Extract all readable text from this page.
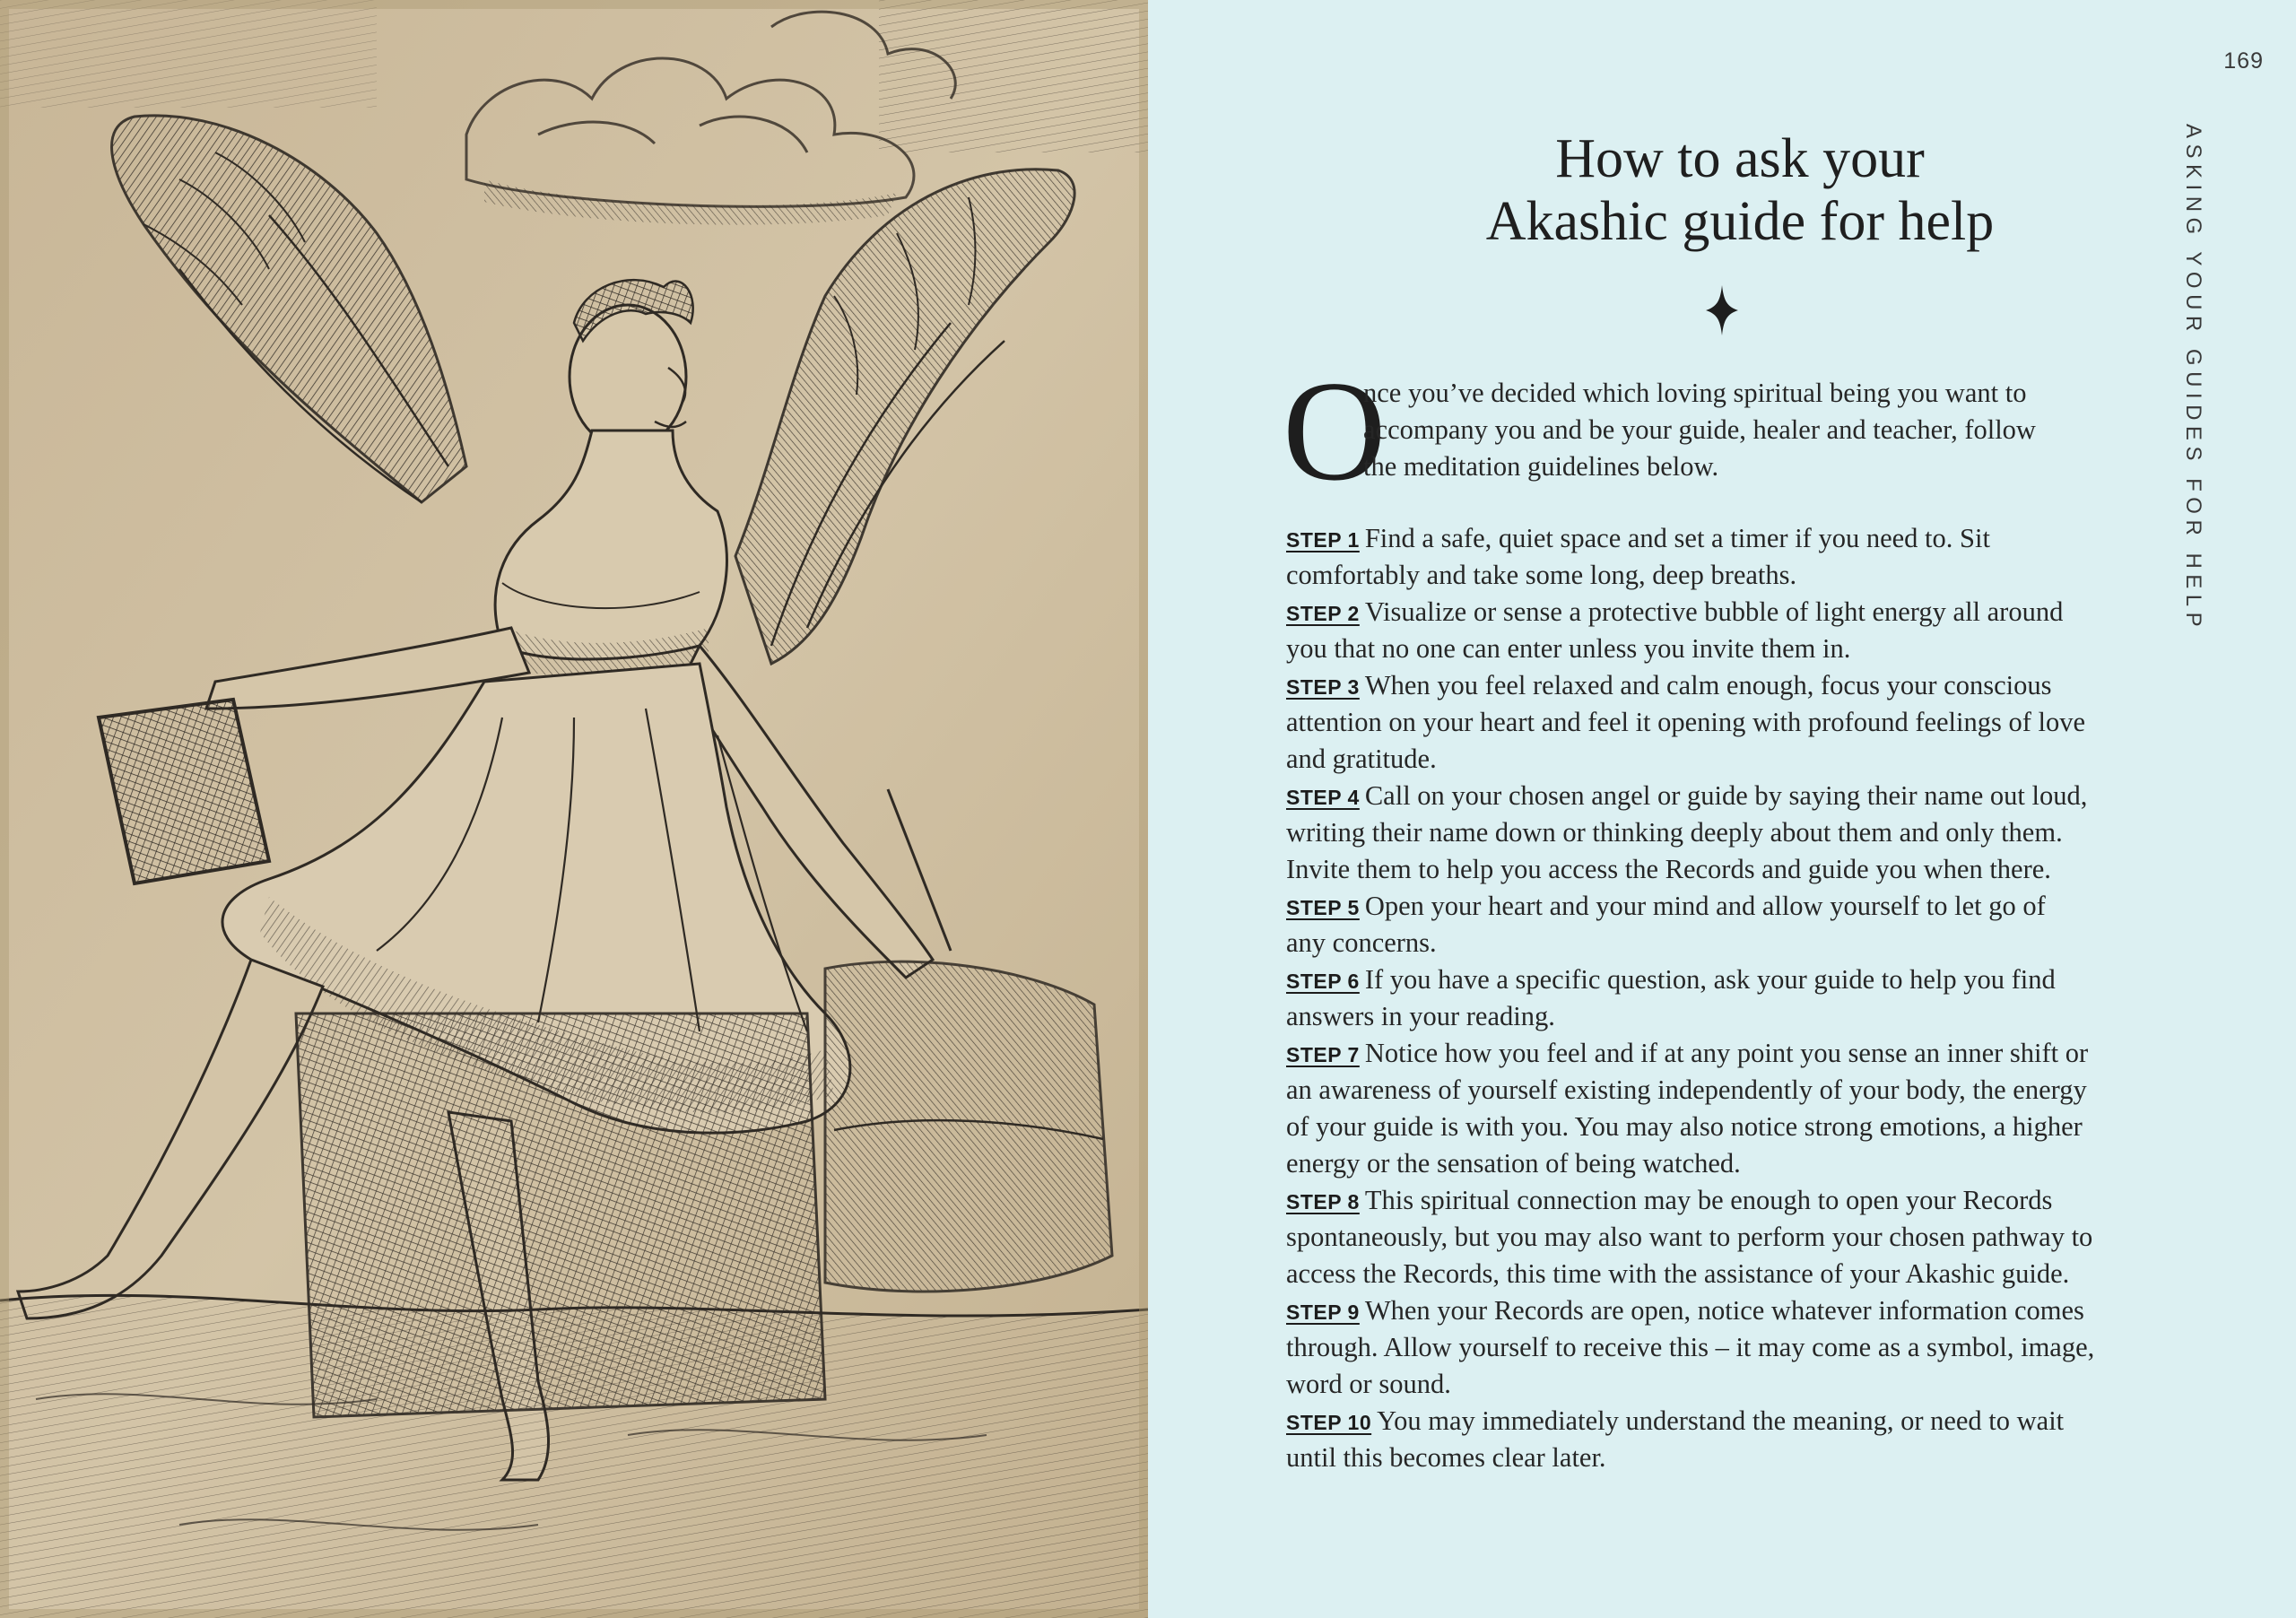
169
ASKING YOUR GUIDES FOR HELP
How to ask your
Akashic guide for help
O
nce you’ve decided which loving spiritual being you want to
accompany you and be your guide, healer and teacher, follow
the meditation guidelines below.
STEP 1 Find a safe, quiet space and set a timer if you need to. Sit
comfortably and take some long, deep breaths.
STEP 2 Visualize or sense a protective bubble of light energy all around
you that no one can enter unless you invite them in.
STEP 3 When you feel relaxed and calm enough, focus your conscious
attention on your heart and feel it opening with profound feelings of love
and gratitude.
STEP 4 Call on your chosen angel or guide by saying their name out loud,
writing their name down or thinking deeply about them and only them.
Invite them to help you access the Records and guide you when there.
STEP 5 Open your heart and your mind and allow yourself to let go of
any concerns.
STEP 6 If you have a specific question, ask your guide to help you find
answers in your reading.
STEP 7 Notice how you feel and if at any point you sense an inner shift or
an awareness of yourself existing independently of your body, the energy
of your guide is with you. You may also notice strong emotions, a higher
energy or the sensation of being watched.
STEP 8 This spiritual connection may be enough to open your Records
spontaneously, but you may also want to perform your chosen pathway to
access the Records, this time with the assistance of your Akashic guide.
STEP 9 When your Records are open, notice whatever information comes
through. Allow yourself to receive this – it may come as a symbol, image,
word or sound.
STEP 10 You may immediately understand the meaning, or need to wait
until this becomes clear later.
